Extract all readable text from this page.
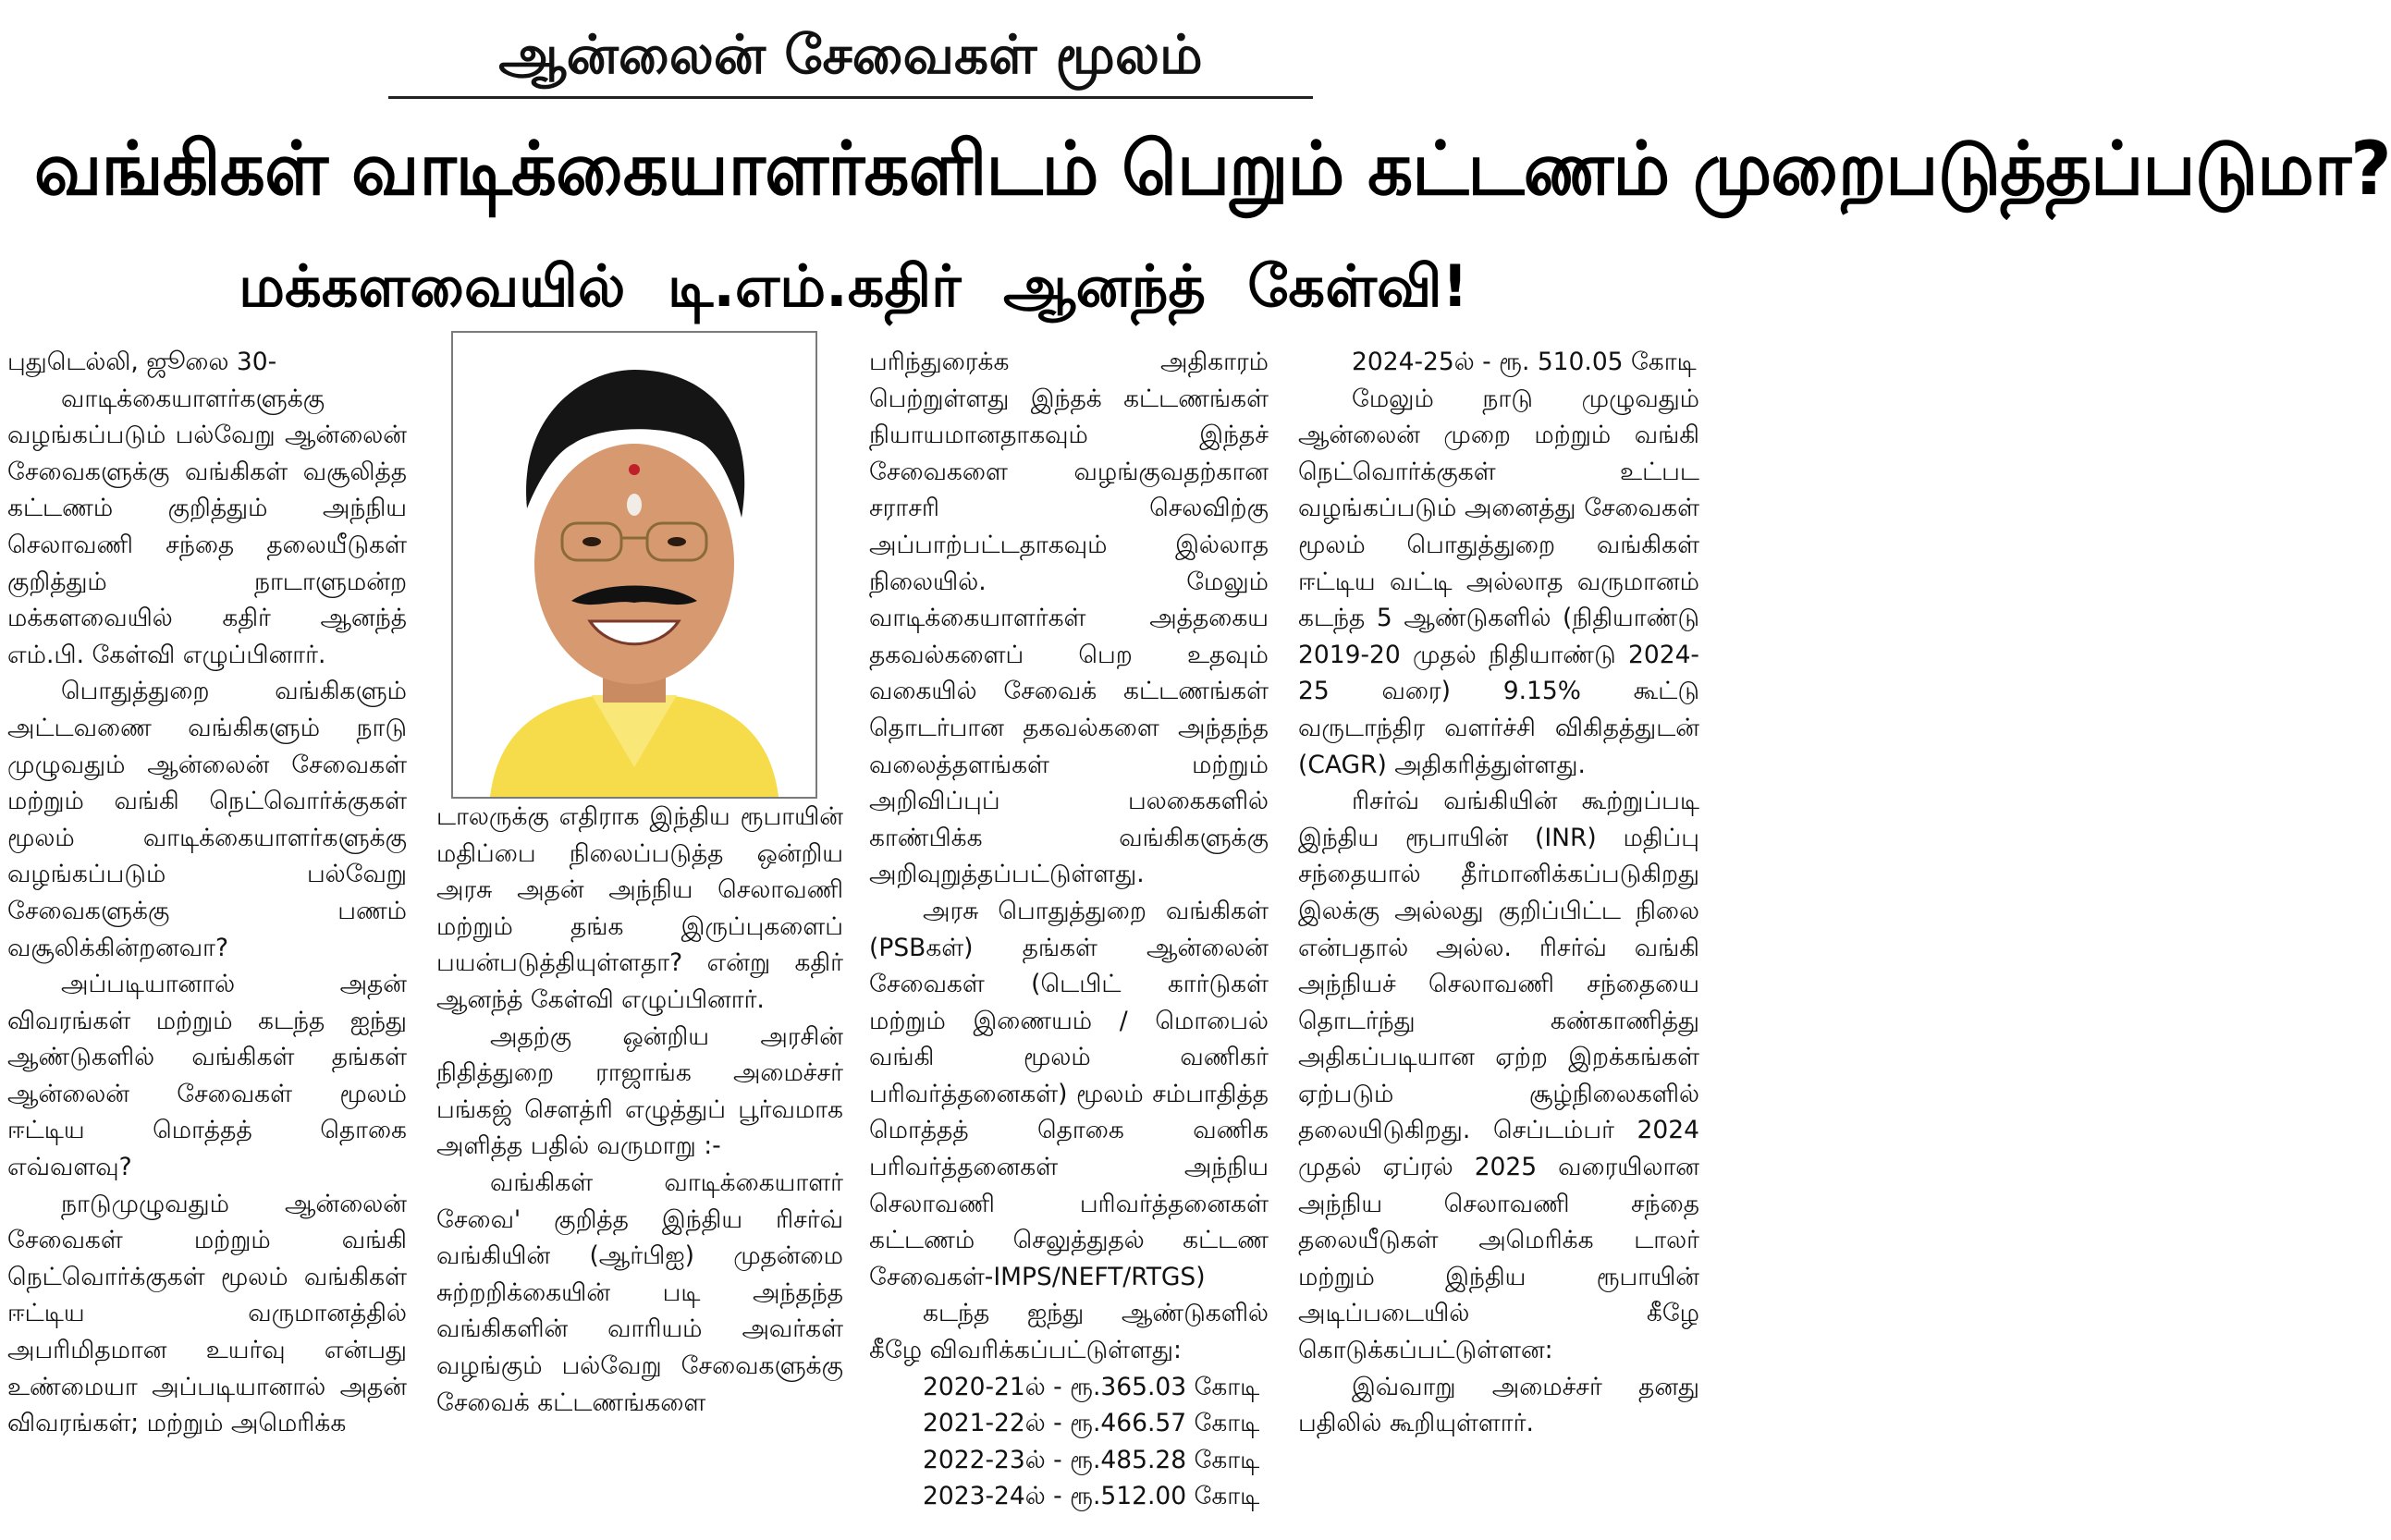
ஆன்லைன் சேவைகள் மூலம்
வங்கிகள் வாடிக்கையாளர்களிடம் பெறும் கட்டணம் முறைபடுத்தப்படுமா?
மக்களவையில் டி.எம்.கதிர் ஆனந்த் கேள்வி!

புதுடெல்லி, ஜூலை 30-

வாடிக்கையாளர்களுக்கு வழங்கப்படும் பல்வேறு ஆன்லைன் சேவைகளுக்கு வங்கிகள் வசூலித்த கட்டணம் குறித்தும் அந்நிய செலாவணி சந்தை தலையீடுகள் குறித்தும் நாடாளுமன்ற மக்களவையில் கதிர் ஆனந்த் எம்.பி. கேள்வி எழுப்பினார்.

பொதுத்துறை வங்கிகளும் அட்டவணை வங்கிகளும் நாடு முழுவதும் ஆன்லைன் சேவைகள் மற்றும் வங்கி நெட்வொர்க்குகள் மூலம் வாடிக்கையாளர்களுக்கு வழங்கப்படும் பல்வேறு சேவைகளுக்கு பணம் வசூலிக்கின்றனவா?

அப்படியானால் அதன் விவரங்கள் மற்றும் கடந்த ஐந்து ஆண்டுகளில் வங்கிகள் தங்கள் ஆன்லைன் சேவைகள் மூலம் ஈட்டிய மொத்தத் தொகை எவ்வளவு?

நாடுமுழுவதும் ஆன்லைன் சேவைகள் மற்றும் வங்கி நெட்வொர்க்குகள் மூலம் வங்கிகள் ஈட்டிய வருமானத்தில் அபரிமிதமான உயர்வு என்பது உண்மையா அப்படியானால் அதன் விவரங்கள்; மற்றும் அமெரிக்க

டாலருக்கு எதிராக இந்திய ரூபாயின் மதிப்பை நிலைப்படுத்த ஒன்றிய அரசு அதன் அந்நிய செலாவணி மற்றும் தங்க இருப்புகளைப் பயன்படுத்தியுள்ளதா? என்று கதிர் ஆனந்த் கேள்வி எழுப்பினார்.

அதற்கு ஒன்றிய அரசின் நிதித்துறை ராஜாங்க அமைச்சர் பங்கஜ் சௌத்ரி எழுத்துப் பூர்வமாக அளித்த பதில் வருமாறு :-

வங்கிகள் வாடிக்கையாளர் சேவை' குறித்த இந்திய ரிசர்வ் வங்கியின் (ஆர்பிஐ) முதன்மை சுற்றறிக்கையின் படி அந்தந்த வங்கிகளின் வாரியம் அவர்கள் வழங்கும் பல்வேறு சேவைகளுக்கு சேவைக் கட்டணங்களை

பரிந்துரைக்க அதிகாரம் பெற்றுள்ளது இந்தக் கட்டணங்கள் நியாயமானதாகவும் இந்தச் சேவைகளை வழங்குவதற்கான சராசரி செலவிற்கு அப்பாற்பட்டதாகவும் இல்லாத நிலையில். மேலும் வாடிக்கையாளர்கள் அத்தகைய தகவல்களைப் பெற உதவும் வகையில் சேவைக் கட்டணங்கள் தொடர்பான தகவல்களை அந்தந்த வலைத்தளங்கள் மற்றும் அறிவிப்புப் பலகைகளில் காண்பிக்க வங்கிகளுக்கு அறிவுறுத்தப்பட்டுள்ளது.

அரசு பொதுத்துறை வங்கிகள் (PSBகள்) தங்கள் ஆன்லைன் சேவைகள் (டெபிட் கார்டுகள் மற்றும் இணையம் / மொபைல் வங்கி மூலம் வணிகர் பரிவர்த்தனைகள்) மூலம் சம்பாதித்த மொத்தத் தொகை வணிக பரிவர்த்தனைகள் அந்நிய செலாவணி பரிவர்த்தனைகள் கட்டணம் செலுத்துதல் கட்டண சேவைகள்-IMPS/NEFT/RTGS)

கடந்த ஐந்து ஆண்டுகளில் கீழே விவரிக்கப்பட்டுள்ளது:

2020-21ல் - ரூ.365.03 கோடி

2021-22ல் - ரூ.466.57 கோடி

2022-23ல் - ரூ.485.28 கோடி

2023-24ல் - ரூ.512.00 கோடி

2024-25ல் - ரூ. 510.05 கோடி

மேலும் நாடு முழுவதும் ஆன்லைன் முறை மற்றும் வங்கி நெட்வொர்க்குகள் உட்பட வழங்கப்படும் அனைத்து சேவைகள் மூலம் பொதுத்துறை வங்கிகள் ஈட்டிய வட்டி அல்லாத வருமானம் கடந்த 5 ஆண்டுகளில் (நிதியாண்டு 2019-20 முதல் நிதியாண்டு 2024-25 வரை) 9.15% கூட்டு வருடாந்திர வளர்ச்சி விகிதத்துடன் (CAGR) அதிகரித்துள்ளது.

ரிசர்வ் வங்கியின் கூற்றுப்படி இந்திய ரூபாயின் (INR) மதிப்பு சந்தையால் தீர்மானிக்கப்படுகிறது இலக்கு அல்லது குறிப்பிட்ட நிலை என்பதால் அல்ல. ரிசர்வ் வங்கி அந்நியச் செலாவணி சந்தையை தொடர்ந்து கண்காணித்து அதிகப்படியான ஏற்ற இறக்கங்கள் ஏற்படும் சூழ்நிலைகளில் தலையிடுகிறது. செப்டம்பர் 2024 முதல் ஏப்ரல் 2025 வரையிலான அந்நிய செலாவணி சந்தை தலையீடுகள் அமெரிக்க டாலர் மற்றும் இந்திய ரூபாயின் அடிப்படையில் கீழே கொடுக்கப்பட்டுள்ளன:

இவ்வாறு அமைச்சர் தனது பதிலில் கூறியுள்ளார்.
